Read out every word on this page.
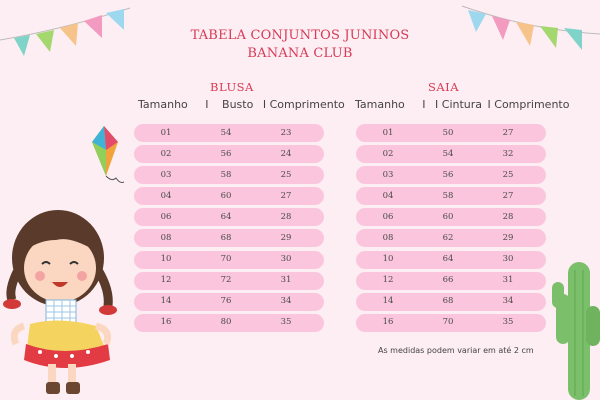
TABELA CONJUNTOS JUNINOS
BANANA CLUB
BLUSA
Tamanho I Busto I Comprimento
01	54	23
02	56	24
03	58	25
04	60	27
06	64	28
08	68	29
10	70	30
12	72	31
14	76	34
16	80	35
SAIA
Tamanho I I Cintura I Comprimento
01	50	27
02	54	32
03	56	25
04	58	27
06	60	28
08	62	29
10	64	30
12	66	31
14	68	34
16	70	35
As medidas podem variar em até 2 cm
